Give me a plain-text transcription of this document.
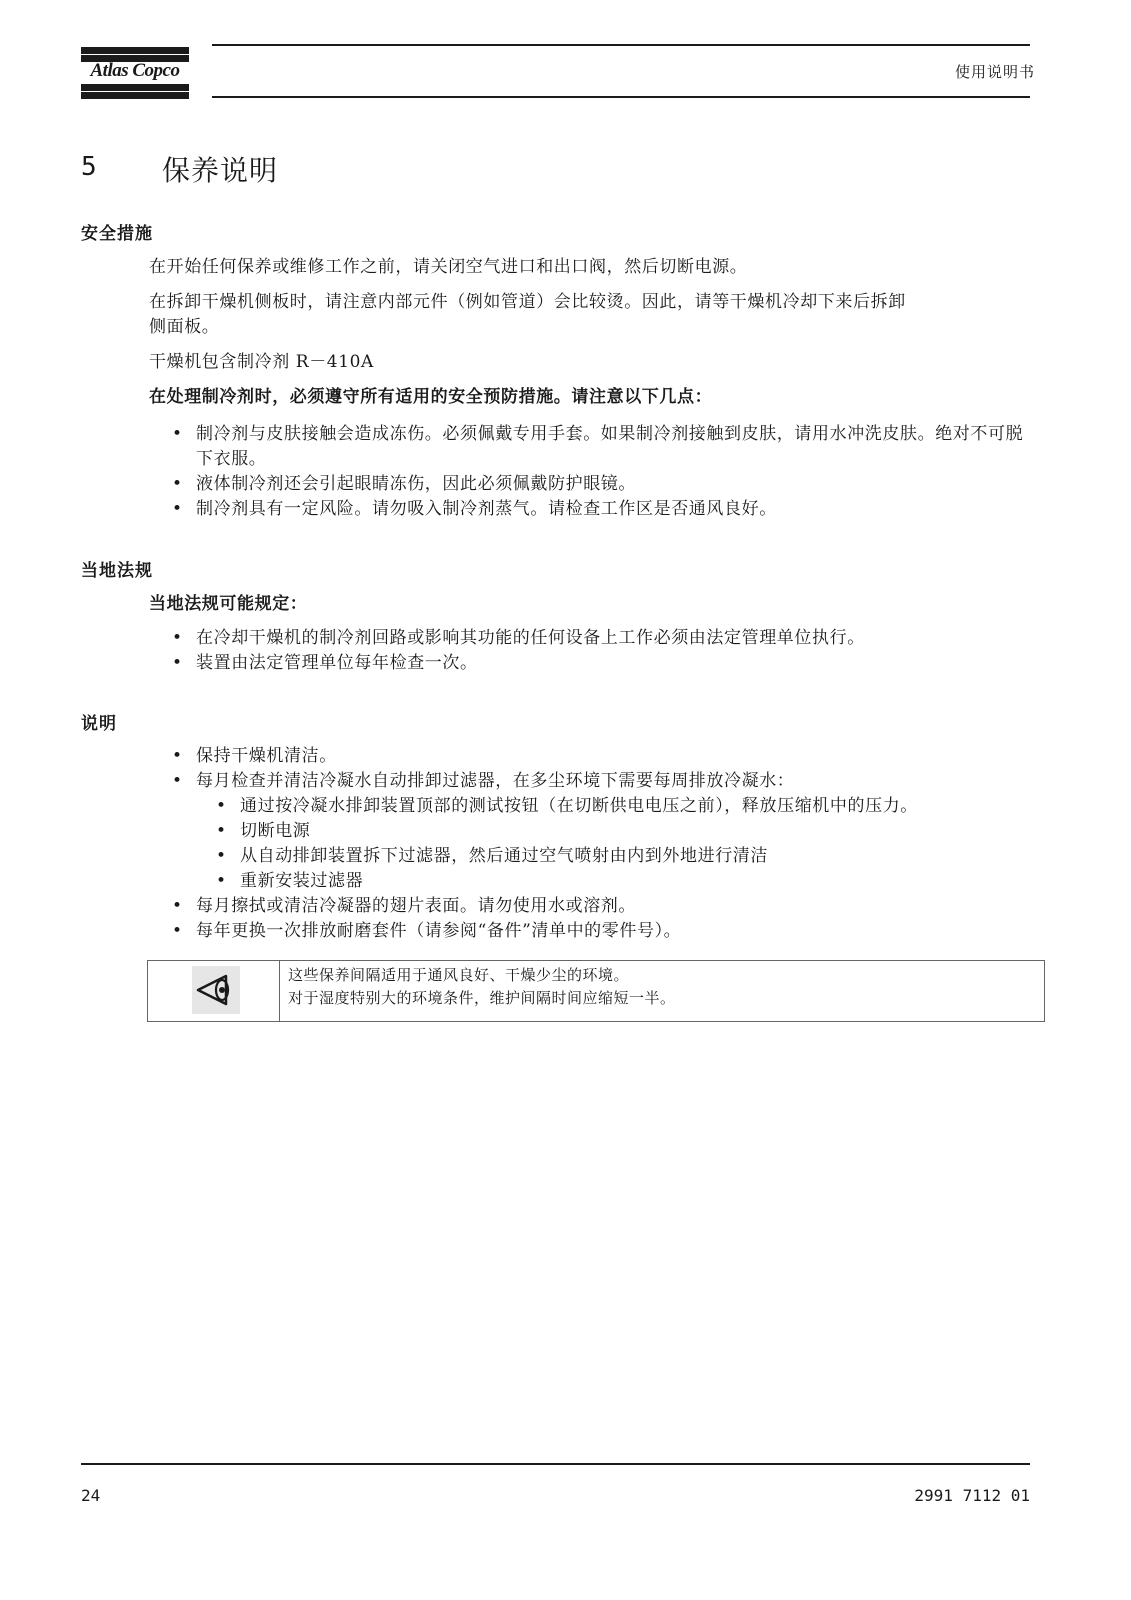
Atlas Copco	使用说明书
5 保养说明
安全措施
在开始任何保养或维修工作之前，请关闭空气进口和出口阀，然后切断电源。
在拆卸干燥机侧板时，请注意内部元件（例如管道）会比较烫。因此，请等干燥机冷却下来后拆卸
侧面板。
干燥机包含制冷剂 R－410A
在处理制冷剂时，必须遵守所有适用的安全预防措施。请注意以下几点：
• 制冷剂与皮肤接触会造成冻伤。必须佩戴专用手套。如果制冷剂接触到皮肤，请用水冲洗皮肤。绝对不可脱下衣服。
• 液体制冷剂还会引起眼睛冻伤，因此必须佩戴防护眼镜。
• 制冷剂具有一定风险。请勿吸入制冷剂蒸气。请检查工作区是否通风良好。
当地法规
当地法规可能规定：
• 在冷却干燥机的制冷剂回路或影响其功能的任何设备上工作必须由法定管理单位执行。
• 装置由法定管理单位每年检查一次。
说明
• 保持干燥机清洁。
• 每月检查并清洁冷凝水自动排卸过滤器，在多尘环境下需要每周排放冷凝水：
• 通过按冷凝水排卸装置顶部的测试按钮（在切断供电电压之前），释放压缩机中的压力。
• 切断电源
• 从自动排卸装置拆下过滤器，然后通过空气喷射由内到外地进行清洁
• 重新安装过滤器
• 每月擦拭或清洁冷凝器的翅片表面。请勿使用水或溶剂。
• 每年更换一次排放耐磨套件（请参阅“备件”清单中的零件号）。
这些保养间隔适用于通风良好、干燥少尘的环境。
对于湿度特别大的环境条件，维护间隔时间应缩短一半。
24	2991 7112 01
